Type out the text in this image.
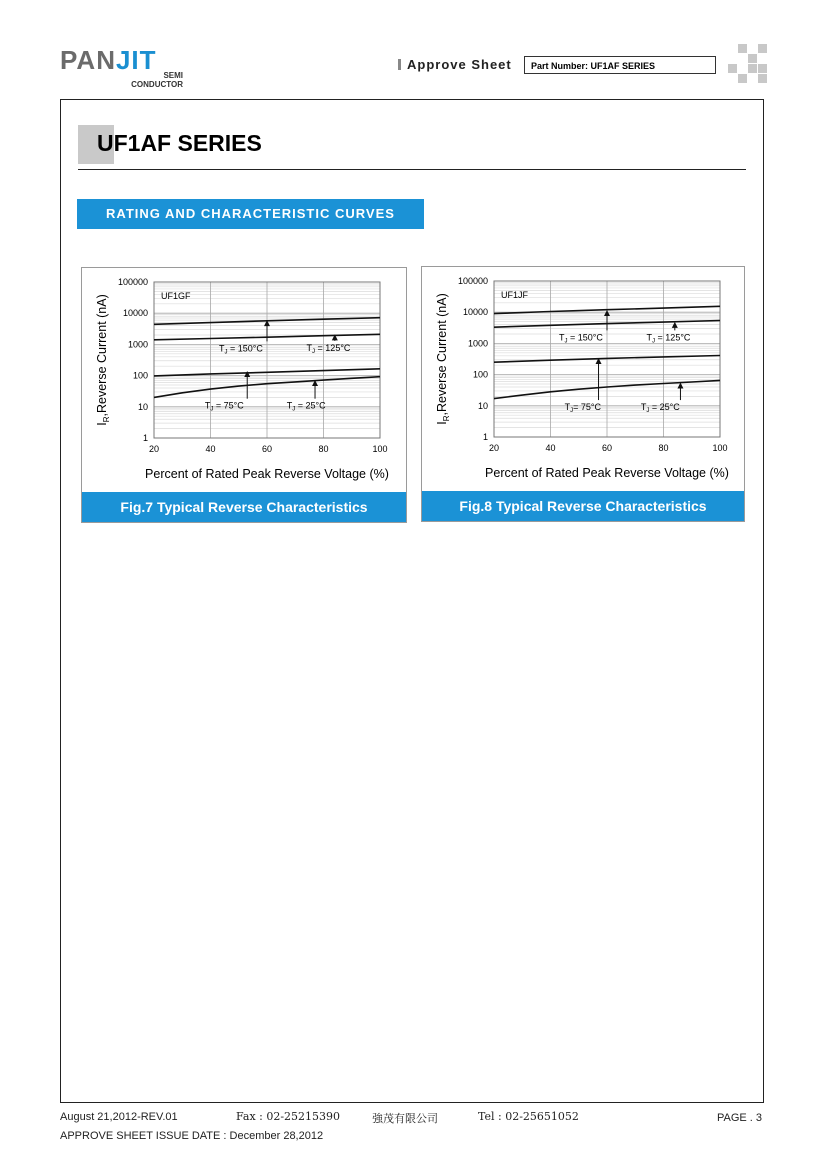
PANJIT
SEMI
CONDUCTOR
Approve Sheet	Part Number: UF1AF SERIES
UF1AF SERIES
RATING AND CHARACTERISTIC CURVES
1
10
100
1000
10000
100000
20	40	60	80	100
UF1GF
$T_J = 150^\circ C$	$T_J = 125^\circ C$
$T_J = 75^\circ C$	$T_J = 25^\circ C$
Percent of Rated Peak Reverse Voltage (%)
$I_R,Reverse$ Current (nA)
Fig.7 Typical Reverse Characteristics
1
10
100
1000
10000
100000
20	40	60	80	100
UF1JF
$T_J = 150^\circ C$	$T_J = 125^\circ C$
$T_J= 75^\circ C$	$T_J = 25^\circ C$
Percent of Rated Peak Reverse Voltage (%)
$I_R,Reverse$ Current (nA)
Fig.8 Typical Reverse Characteristics
August 21,2012-REV.01	Fax : 02-25215390	強茂有限公司	Tel : 02-25651052	PAGE . 3
APPROVE SHEET ISSUE DATE : December 28,2012
